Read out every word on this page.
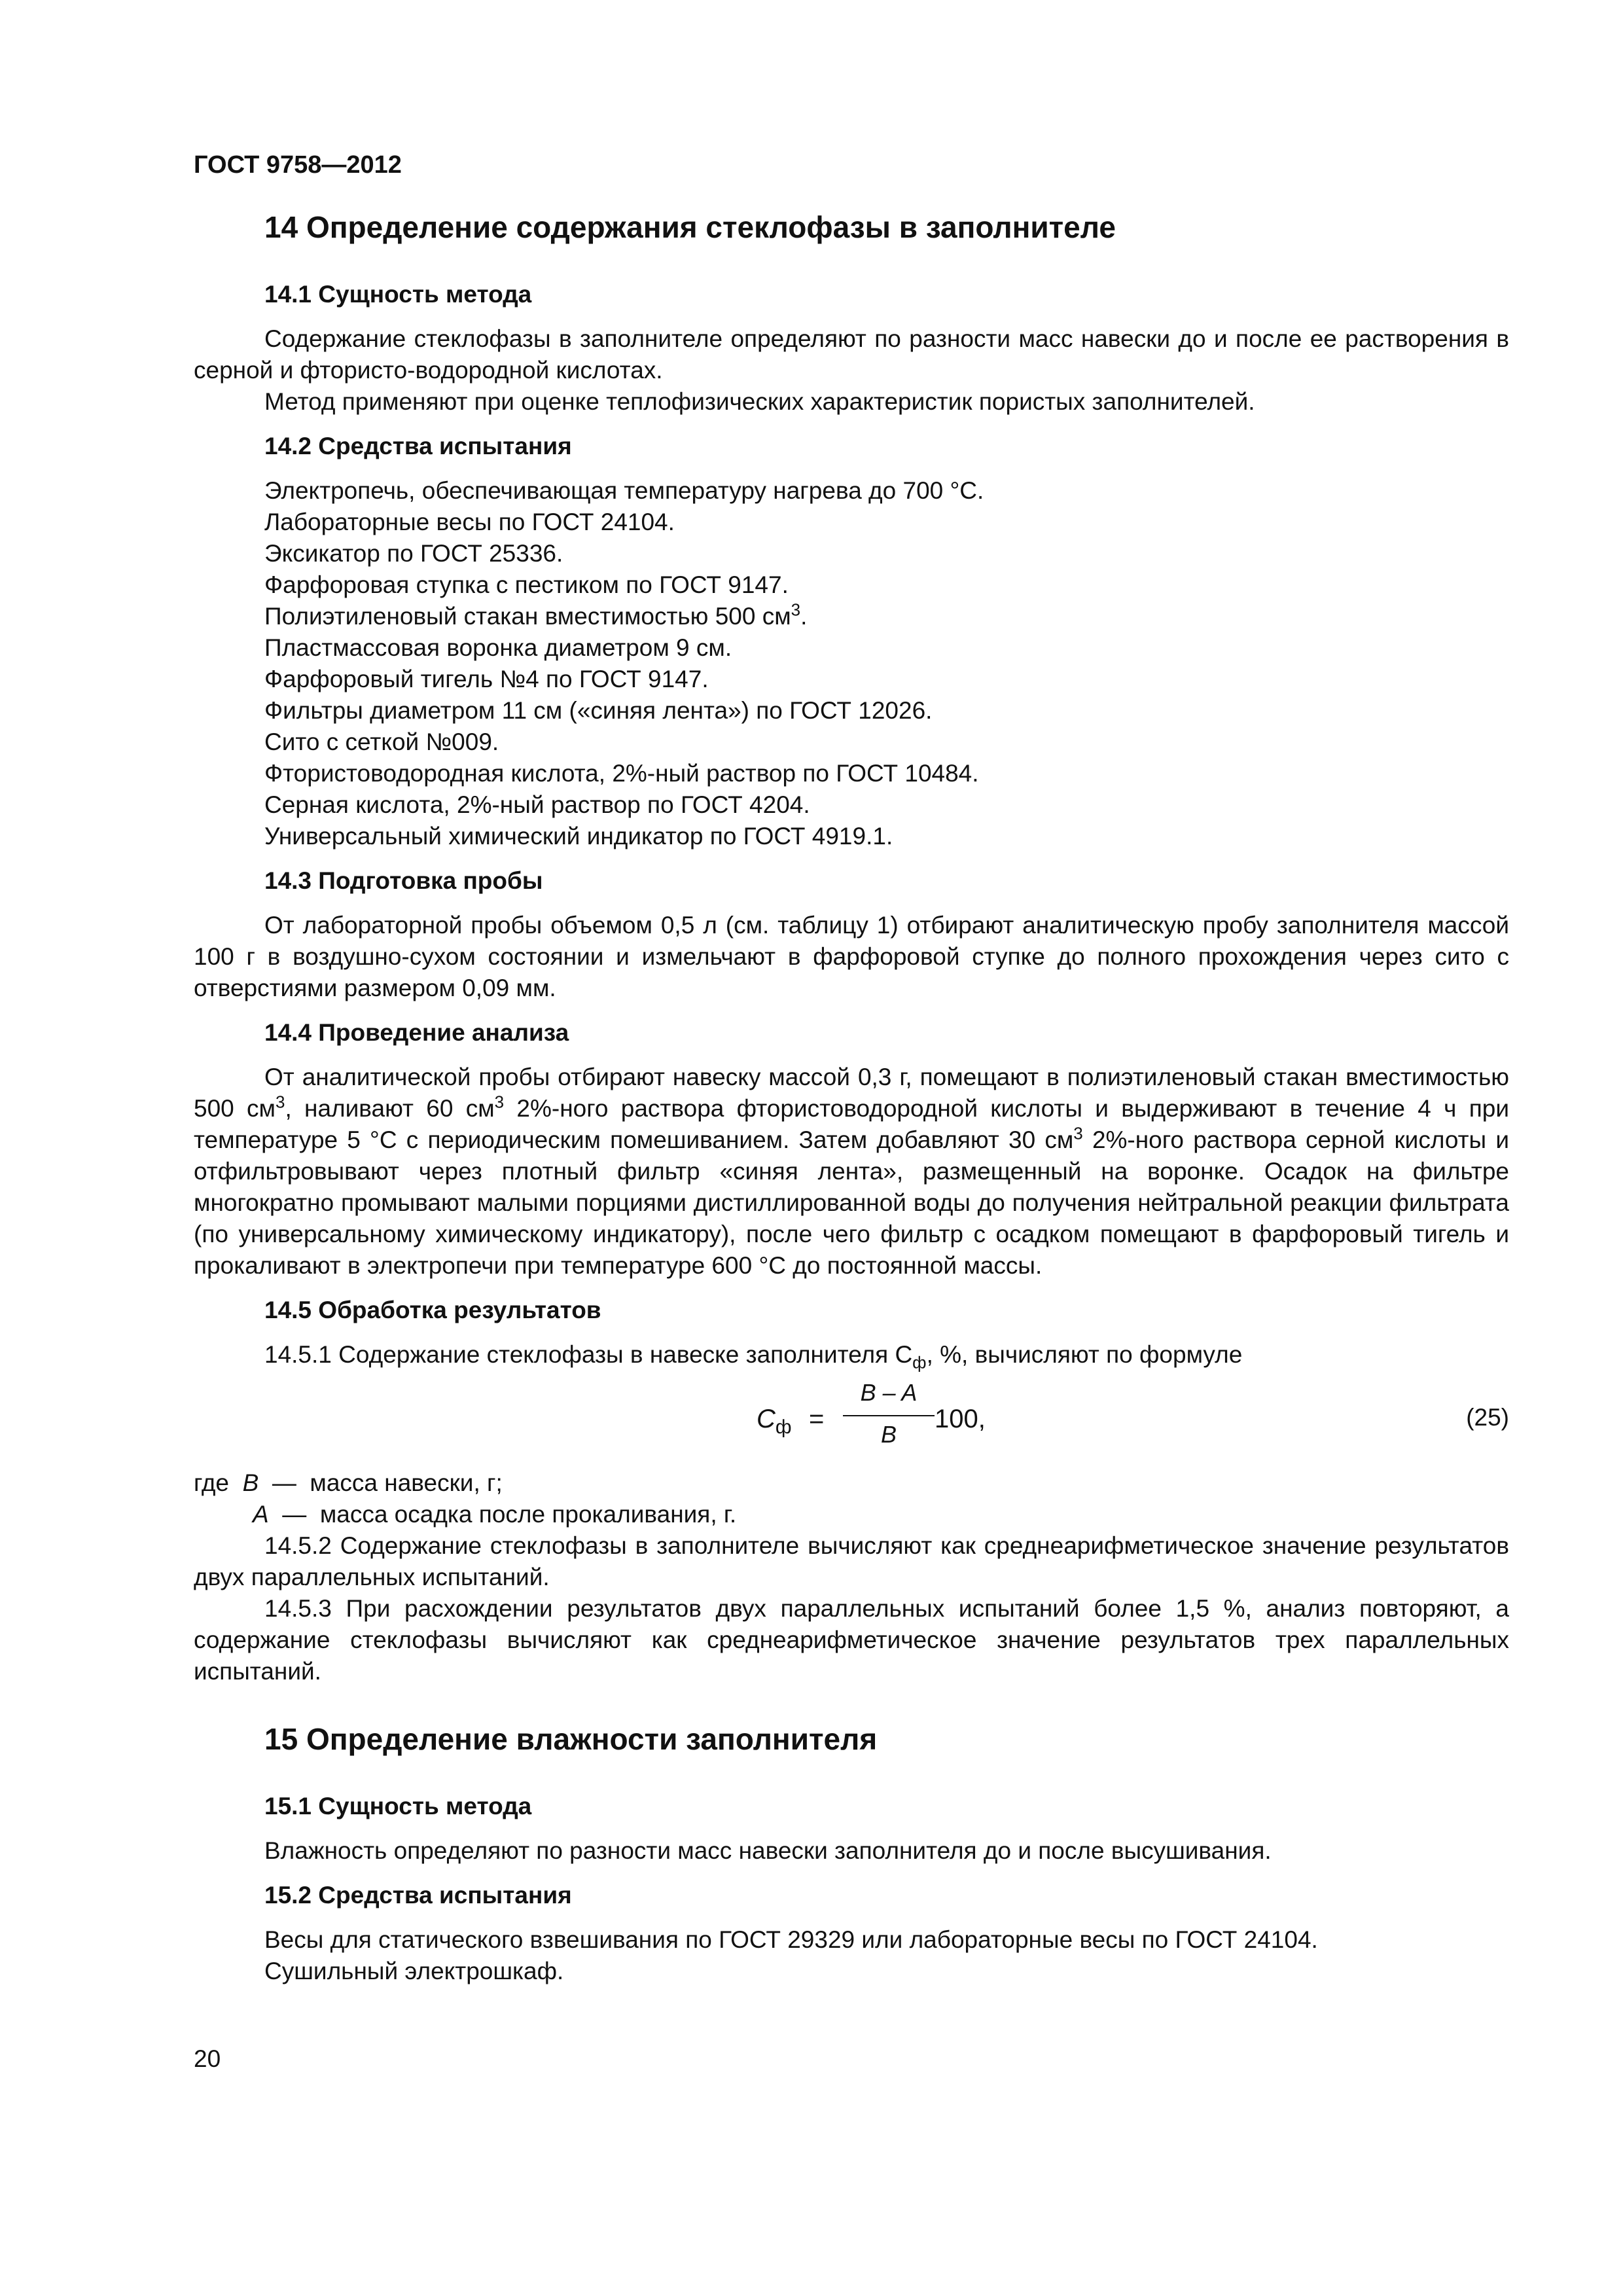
ГОСТ 9758—2012
14 Определение содержания стеклофазы в заполнителе
14.1 Сущность метода

Содержание стеклофазы в заполнителе определяют по разности масс навески до и после ее растворения в серной и фтористо-водородной кислотах.

Метод применяют при оценке теплофизических характеристик пористых заполнителей.

14.2 Средства испытания

Электропечь, обеспечивающая температуру нагрева до 700 °С.

Лабораторные весы по ГОСТ 24104.

Эксикатор по ГОСТ 25336.

Фарфоровая ступка с пестиком по ГОСТ 9147.

Полиэтиленовый стакан вместимостью 500 $см^3$.

Пластмассовая воронка диаметром 9 см.

Фарфоровый тигель №4 по ГОСТ 9147.

Фильтры диаметром 11 см («синяя лента») по ГОСТ 12026.

Сито с сеткой №009.

Фтористоводородная кислота, 2%-ный раствор по ГОСТ 10484.

Серная кислота, 2%-ный раствор по ГОСТ 4204.

Универсальный химический индикатор по ГОСТ 4919.1.

14.3 Подготовка пробы

От лабораторной пробы объемом 0,5 л (см. таблицу 1) отбирают аналитическую пробу заполнителя массой 100 г в воздушно-сухом состоянии и измельчают в фарфоровой ступке до полного прохождения через сито с отверстиями размером 0,09 мм.

14.4 Проведение анализа

От аналитической пробы отбирают навеску массой 0,3 г, помещают в полиэтиленовый стакан вместимостью 500 $см^3$, наливают 60 $см^3$ 2%-ного раствора фтористоводородной кислоты и выдерживают в течение 4 ч при температуре 5 °С с периодическим помешиванием. Затем добавляют 30 $см^3$ 2%-ного раствора серной кислоты и отфильтровывают через плотный фильтр «синяя лента», размещенный на воронке. Осадок на фильтре многократно промывают малыми порциями дистиллированной воды до получения нейтральной реакции фильтрата (по универсальному химическому индикатору), после чего фильтр с осадком помещают в фарфоровый тигель и прокаливают в электропечи при температуре 600 °С до постоянной массы.

14.5 Обработка результатов

14.5.1 Содержание стеклофазы в навеске заполнителя $С_ф$, %, вычисляют по формуле

$С_ф$ =
B – A
B
100,	(25)

где B — масса навески, г;

A — масса осадка после прокаливания, г.

14.5.2 Содержание стеклофазы в заполнителе вычисляют как среднеарифметическое значение результатов двух параллельных испытаний.

14.5.3 При расхождении результатов двух параллельных испытаний более 1,5 %, анализ повторяют, а содержание стеклофазы вычисляют как среднеарифметическое значение результатов трех параллельных испытаний.

15 Определение влажности заполнителя
15.1 Сущность метода

Влажность определяют по разности масс навески заполнителя до и после высушивания.

15.2 Средства испытания

Весы для статического взвешивания по ГОСТ 29329 или лабораторные весы по ГОСТ 24104.

Сушильный электрошкаф.

20
